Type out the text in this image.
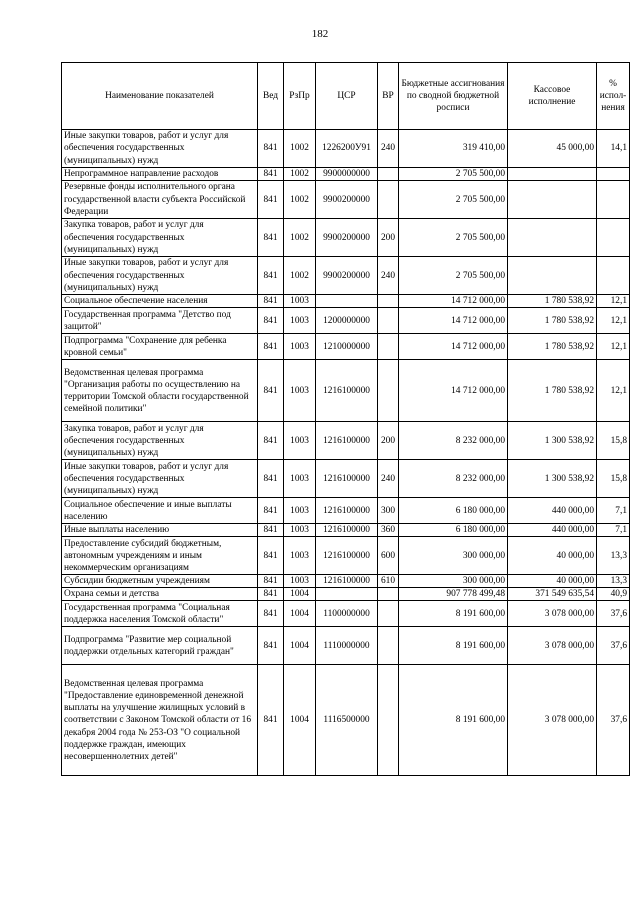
182
Наименование показателей	Вед	РзПр	ЦСР	ВР	Бюджетные ассигнования по сводной бюджетной росписи	Кассовое исполнение	% испол-нения
Иные закупки товаров, работ и услуг для обеспечения государственных (муниципальных) нужд	841	1002	1226200У91	240	319 410,00	45 000,00	14,1
Непрограммное направление расходов	841	1002	9900000000		2 705 500,00		
Резервные фонды исполнительного органа государственной власти субъекта Российской Федерации	841	1002	9900200000		2 705 500,00		
Закупка товаров, работ и услуг для обеспечения государственных (муниципальных) нужд	841	1002	9900200000	200	2 705 500,00		
Иные закупки товаров, работ и услуг для обеспечения государственных (муниципальных) нужд	841	1002	9900200000	240	2 705 500,00		
Социальное обеспечение населения	841	1003			14 712 000,00	1 780 538,92	12,1
Государственная программа "Детство под защитой"	841	1003	1200000000		14 712 000,00	1 780 538,92	12,1
Подпрограмма "Сохранение для ребенка кровной семьи"	841	1003	1210000000		14 712 000,00	1 780 538,92	12,1
Ведомственная целевая программа "Организация работы по осуществлению на территории Томской области государственной семейной политики"	841	1003	1216100000		14 712 000,00	1 780 538,92	12,1
Закупка товаров, работ и услуг для обеспечения государственных (муниципальных) нужд	841	1003	1216100000	200	8 232 000,00	1 300 538,92	15,8
Иные закупки товаров, работ и услуг для обеспечения государственных (муниципальных) нужд	841	1003	1216100000	240	8 232 000,00	1 300 538,92	15,8
Социальное обеспечение и иные выплаты населению	841	1003	1216100000	300	6 180 000,00	440 000,00	7,1
Иные выплаты населению	841	1003	1216100000	360	6 180 000,00	440 000,00	7,1
Предоставление субсидий бюджетным, автономным учреждениям и иным некоммерческим организациям	841	1003	1216100000	600	300 000,00	40 000,00	13,3
Субсидии бюджетным учреждениям	841	1003	1216100000	610	300 000,00	40 000,00	13,3
Охрана семьи и детства	841	1004			907 778 499,48	371 549 635,54	40,9
Государственная программа "Социальная поддержка населения Томской области"	841	1004	1100000000		8 191 600,00	3 078 000,00	37,6
Подпрограмма "Развитие мер социальной поддержки отдельных категорий граждан"	841	1004	1110000000		8 191 600,00	3 078 000,00	37,6
Ведомственная целевая программа "Предоставление единовременной денежной выплаты на улучшение жилищных условий в соответствии с Законом Томской области от 16 декабря 2004 года № 253-ОЗ "О социальной поддержке граждан, имеющих несовершеннолетних детей"	841	1004	1116500000		8 191 600,00	3 078 000,00	37,6
